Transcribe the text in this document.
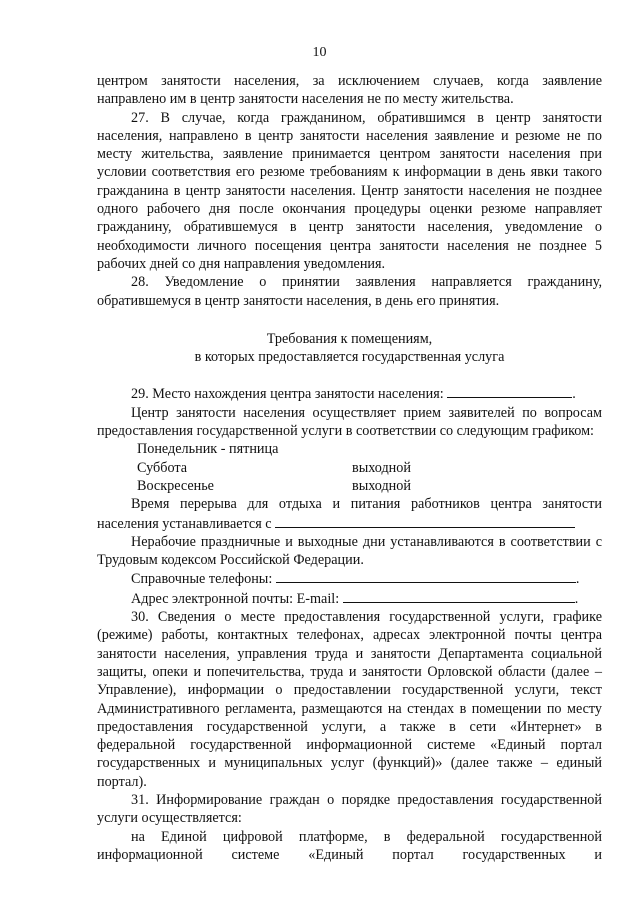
10

центром занятости населения, за исключением случаев, когда заявление направлено им в центр занятости населения не по месту жительства.

27. В случае, когда гражданином, обратившимся в центр занятости населения, направлено в центр занятости населения заявление и резюме не по месту жительства, заявление принимается центром занятости населения при условии соответствия его резюме требованиям к информации в день явки такого гражданина в центр занятости населения. Центр занятости населения не позднее одного рабочего дня после окончания процедуры оценки резюме направляет гражданину, обратившемуся в центр занятости населения, уведомление о необходимости личного посещения центра занятости населения не позднее 5 рабочих дней со дня направления уведомления.

28. Уведомление о принятии заявления направляется гражданину, обратившемуся в центр занятости населения, в день его принятия.

Требования к помещениям,

в которых предоставляется государственная услуга

29. Место нахождения центра занятости населения:	.

Центр занятости населения осуществляет прием заявителей по вопросам предоставления государственной услуги в соответствии со следующим графиком:

Понедельник - пятница
Суббота	выходной
Воскресенье	выходной

Время перерыва для отдыха и питания работников центра занятости населения устанавливается с

Нерабочие праздничные и выходные дни устанавливаются в соответствии с Трудовым кодексом Российской Федерации.

Справочные телефоны:	.

Адрес электронной почты: E-mail:	.

30. Сведения о месте предоставления государственной услуги, графике (режиме) работы, контактных телефонах, адресах электронной почты центра занятости населения, управления труда и занятости Департамента социальной защиты, опеки и попечительства, труда и занятости Орловской области (далее – Управление), информации о предоставлении государственной услуги, текст Административного регламента, размещаются на стендах в помещении по месту предоставления государственной услуги, а также в сети «Интернет» в федеральной государственной информационной системе «Единый портал государственных и муниципальных услуг (функций)» (далее также – единый портал).

31. Информирование граждан о порядке предоставления государственной услуги осуществляется:

на Единой цифровой платформе, в федеральной государственной информационной системе «Единый портал государственных и
